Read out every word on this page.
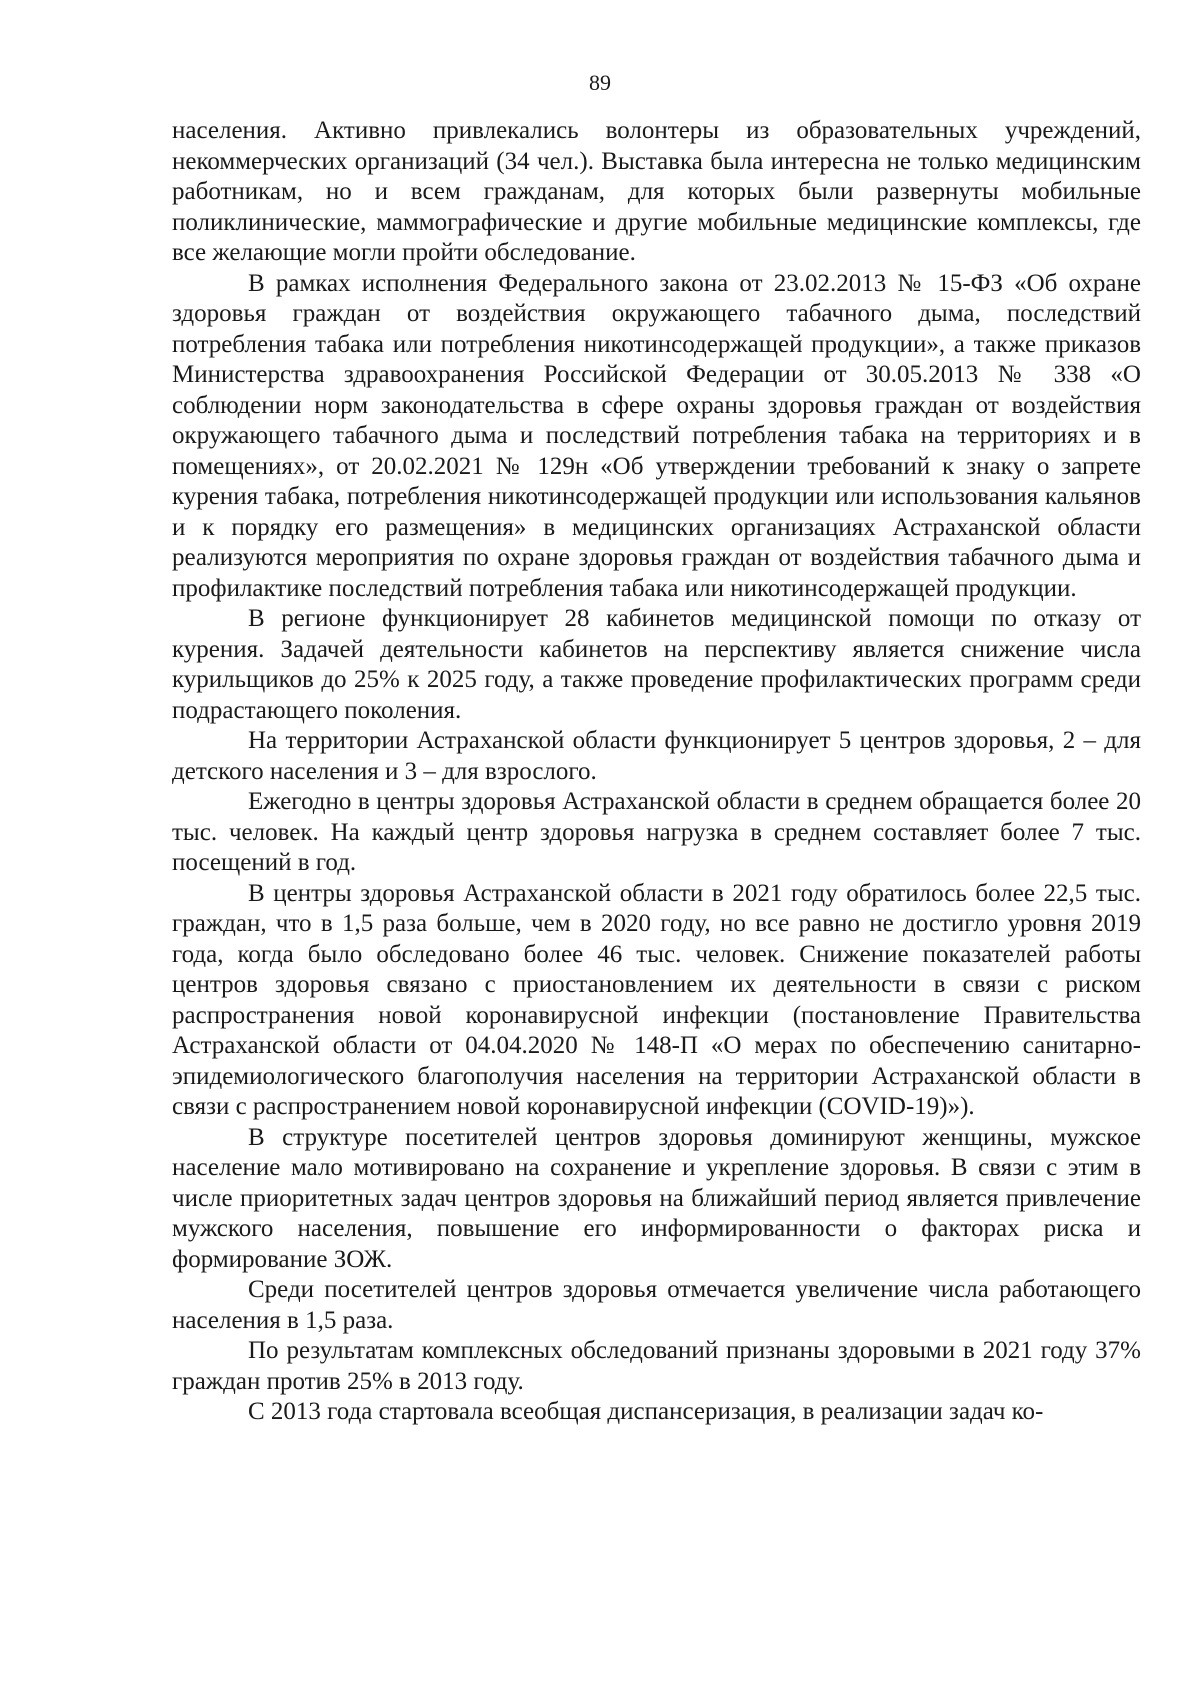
89

населения. Активно привлекались волонтеры из образовательных учреждений, некоммерческих организаций (34 чел.). Выставка была интересна не только медицинским работникам, но и всем гражданам, для которых были развернуты мобильные поликлинические, маммографические и другие мобильные медицинские комплексы, где все желающие могли пройти обследование.

В рамках исполнения Федерального закона от 23.02.2013 № 15-ФЗ «Об охране здоровья граждан от воздействия окружающего табачного дыма, последствий потребления табака или потребления никотинсодержащей продукции», а также приказов Министерства здравоохранения Российской Федерации от 30.05.2013 № 338 «О соблюдении норм законодательства в сфере охраны здоровья граждан от воздействия окружающего табачного дыма и последствий потребления табака на территориях и в помещениях», от 20.02.2021 № 129н «Об утверждении требований к знаку о запрете курения табака, потребления никотинсодержащей продукции или использования кальянов и к порядку его размещения» в медицинских организациях Астраханской области реализуются мероприятия по охране здоровья граждан от воздействия табачного дыма и профилактике последствий потребления табака или никотинсодержащей продукции.

В регионе функционирует 28 кабинетов медицинской помощи по отказу от курения. Задачей деятельности кабинетов на перспективу является снижение числа курильщиков до 25% к 2025 году, а также проведение профилактических программ среди подрастающего поколения.

На территории Астраханской области функционирует 5 центров здоровья, 2 – для детского населения и 3 – для взрослого.

Ежегодно в центры здоровья Астраханской области в среднем обращается более 20 тыс. человек. На каждый центр здоровья нагрузка в среднем составляет более 7 тыс. посещений в год.

В центры здоровья Астраханской области в 2021 году обратилось более 22,5 тыс. граждан, что в 1,5 раза больше, чем в 2020 году, но все равно не достигло уровня 2019 года, когда было обследовано более 46 тыс. человек. Снижение показателей работы центров здоровья связано с приостановлением их деятельности в связи с риском распространения новой коронавирусной инфекции (постановление Правительства Астраханской области от 04.04.2020 № 148-П «О мерах по обеспечению санитарно-эпидемиологического благополучия населения на территории Астраханской области в связи с распространением новой коронавирусной инфекции (COVID-19)»).

В структуре посетителей центров здоровья доминируют женщины, мужское население мало мотивировано на сохранение и укрепление здоровья. В связи с этим в числе приоритетных задач центров здоровья на ближайший период является привлечение мужского населения, повышение его информированности о факторах риска и формирование ЗОЖ.

Среди посетителей центров здоровья отмечается увеличение числа работающего населения в 1,5 раза.

По результатам комплексных обследований признаны здоровыми в 2021 году 37% граждан против 25% в 2013 году.

С 2013 года стартовала всеобщая диспансеризация, в реализации задач ко-
